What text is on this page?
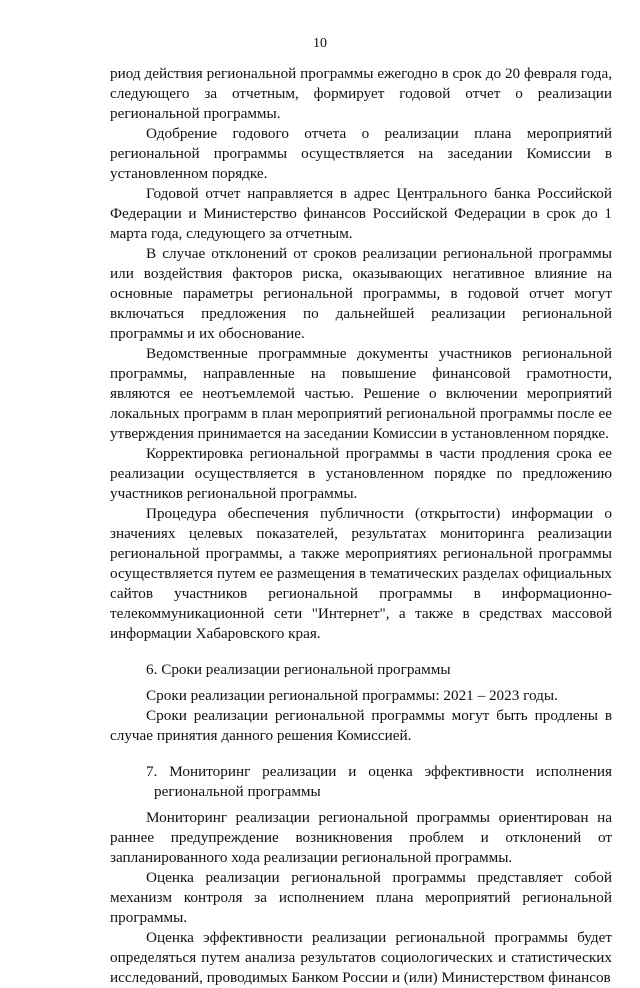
10

риод действия региональной программы ежегодно в срок до 20 февраля года, следующего за отчетным, формирует годовой отчет о реализации региональной программы.

Одобрение годового отчета о реализации плана мероприятий региональной программы осуществляется на заседании Комиссии в установленном порядке.

Годовой отчет направляется в адрес Центрального банка Российской Федерации и Министерство финансов Российской Федерации в срок до 1 марта года, следующего за отчетным.

В случае отклонений от сроков реализации региональной программы или воздействия факторов риска, оказывающих негативное влияние на основные параметры региональной программы, в годовой отчет могут включаться предложения по дальнейшей реализации региональной программы и их обоснование.

Ведомственные программные документы участников региональной программы, направленные на повышение финансовой грамотности, являются ее неотъемлемой частью. Решение о включении мероприятий локальных программ в план мероприятий региональной программы после ее утверждения принимается на заседании Комиссии в установленном порядке.

Корректировка региональной программы в части продления срока ее реализации осуществляется в установленном порядке по предложению участников региональной программы.

Процедура обеспечения публичности (открытости) информации о значениях целевых показателей, результатах мониторинга реализации региональной программы, а также мероприятиях региональной программы осуществляется путем ее размещения в тематических разделах официальных сайтов участников региональной программы в информационно-телекоммуникационной сети "Интернет", а также в средствах массовой информации Хабаровского края.

6. Сроки реализации региональной программы

Сроки реализации региональной программы: 2021 – 2023 годы.

Сроки реализации региональной программы могут быть продлены в случае принятия данного решения Комиссией.

7. Мониторинг реализации и оценка эффективности исполнения региональной программы

Мониторинг реализации региональной программы ориентирован на раннее предупреждение возникновения проблем и отклонений от запланированного хода реализации региональной программы.

Оценка реализации региональной программы представляет собой механизм контроля за исполнением плана мероприятий региональной программы.

Оценка эффективности реализации региональной программы будет определяться путем анализа результатов социологических и статистических исследований, проводимых Банком России и (или) Министерством финансов
